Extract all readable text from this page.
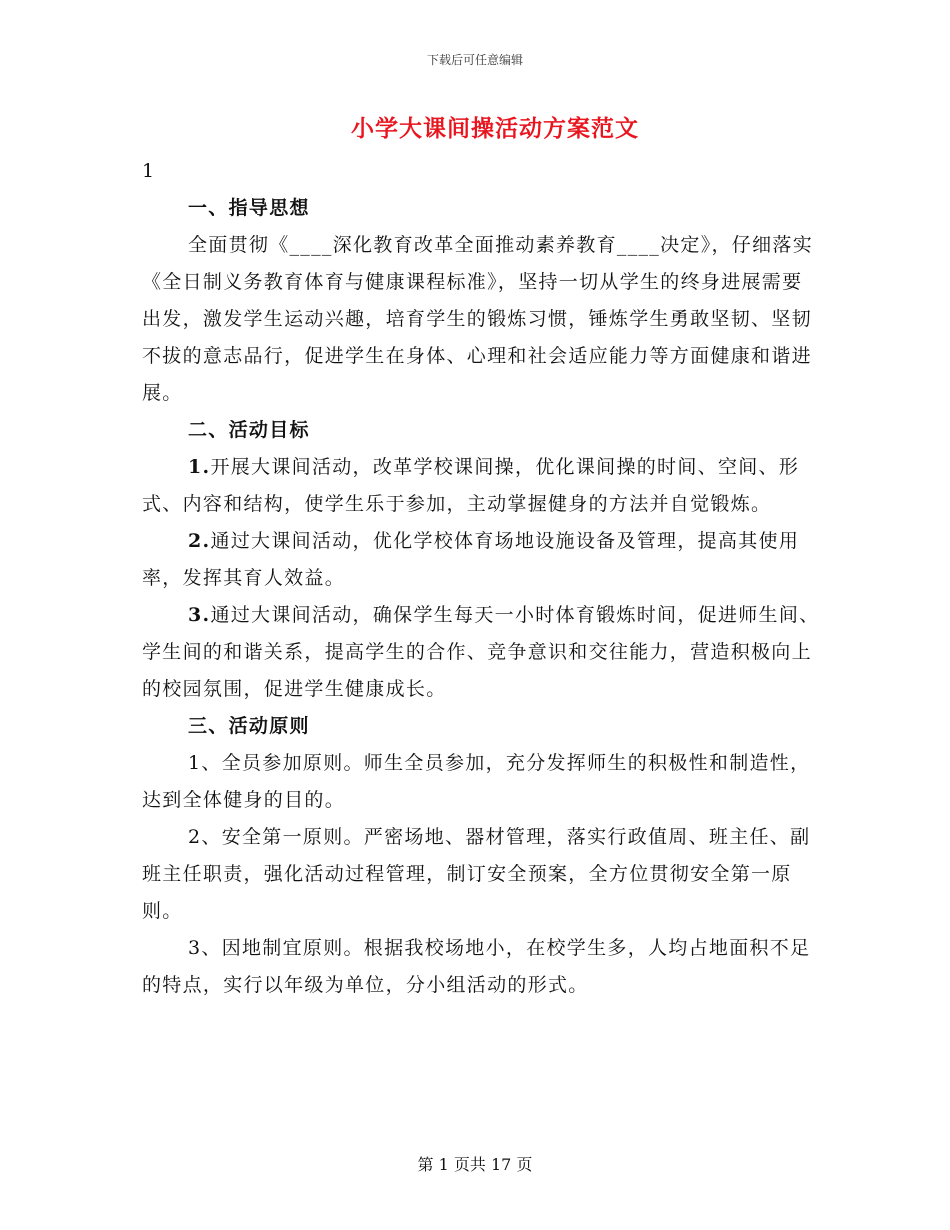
下载后可任意编辑
小学大课间操活动方案范文

1

一、指导思想

全面贯彻《____深化教育改革全面推动素养教育____决定》，仔细落实《全日制义务教育体育与健康课程标准》，坚持一切从学生的终身进展需要出发，激发学生运动兴趣，培育学生的锻炼习惯，锤炼学生勇敢坚韧、坚韧不拔的意志品行，促进学生在身体、心理和社会适应能力等方面健康和谐进展。

二、活动目标

1.开展大课间活动，改革学校课间操，优化课间操的时间、空间、形式、内容和结构，使学生乐于参加，主动掌握健身的方法并自觉锻炼。

2.通过大课间活动，优化学校体育场地设施设备及管理，提高其使用率，发挥其育人效益。

3.通过大课间活动，确保学生每天一小时体育锻炼时间，促进师生间、学生间的和谐关系，提高学生的合作、竞争意识和交往能力，营造积极向上的校园氛围，促进学生健康成长。

三、活动原则

1、全员参加原则。师生全员参加，充分发挥师生的积极性和制造性，达到全体健身的目的。

2、安全第一原则。严密场地、器材管理，落实行政值周、班主任、副班主任职责，强化活动过程管理，制订安全预案，全方位贯彻安全第一原则。

3、因地制宜原则。根据我校场地小，在校学生多，人均占地面积不足的特点，实行以年级为单位，分小组活动的形式。

第 1 页共 17 页
